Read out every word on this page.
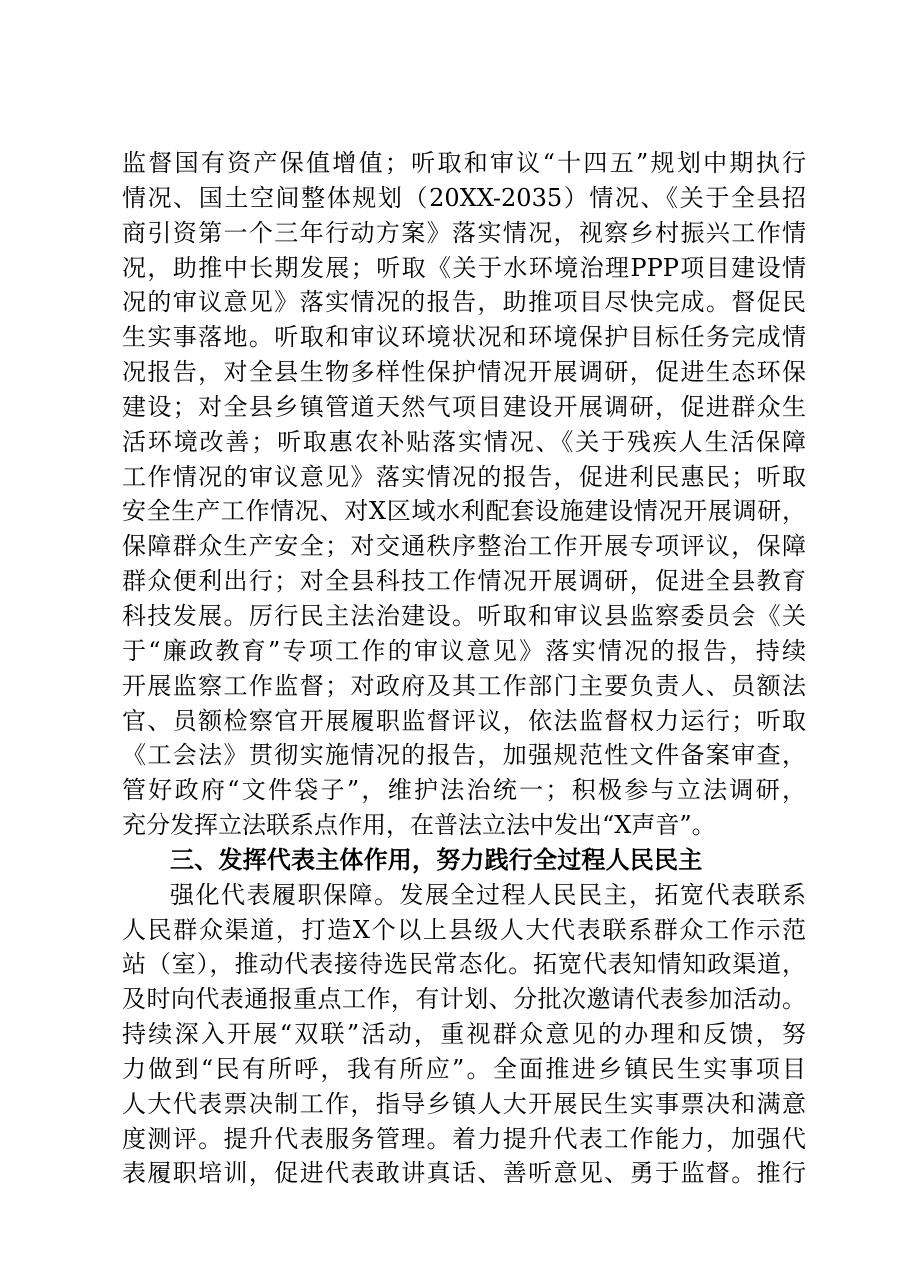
监督国有资产保值增值；听取和审议“十四五”规划中期执行
情况、国土空间整体规划（20XX-2035）情况、《关于全县招
商引资第一个三年行动方案》落实情况，视察乡村振兴工作情
况，助推中长期发展；听取《关于水环境治理PPP项目建设情
况的审议意见》落实情况的报告，助推项目尽快完成。督促民
生实事落地。听取和审议环境状况和环境保护目标任务完成情
况报告，对全县生物多样性保护情况开展调研，促进生态环保
建设；对全县乡镇管道天然气项目建设开展调研，促进群众生
活环境改善；听取惠农补贴落实情况、《关于残疾人生活保障
工作情况的审议意见》落实情况的报告，促进利民惠民；听取
安全生产工作情况、对X区域水利配套设施建设情况开展调研，
保障群众生产安全；对交通秩序整治工作开展专项评议，保障
群众便利出行；对全县科技工作情况开展调研，促进全县教育
科技发展。厉行民主法治建设。听取和审议县监察委员会《关
于“廉政教育”专项工作的审议意见》落实情况的报告，持续
开展监察工作监督；对政府及其工作部门主要负责人、员额法
官、员额检察官开展履职监督评议，依法监督权力运行；听取
《工会法》贯彻实施情况的报告，加强规范性文件备案审查，
管好政府“文件袋子”，维护法治统一；积极参与立法调研，
充分发挥立法联系点作用，在普法立法中发出“X声音”。
三、发挥代表主体作用，努力践行全过程人民民主
强化代表履职保障。发展全过程人民民主，拓宽代表联系
人民群众渠道，打造X个以上县级人大代表联系群众工作示范
站（室），推动代表接待选民常态化。拓宽代表知情知政渠道，
及时向代表通报重点工作，有计划、分批次邀请代表参加活动。
持续深入开展“双联”活动，重视群众意见的办理和反馈，努
力做到“民有所呼，我有所应”。全面推进乡镇民生实事项目
人大代表票决制工作，指导乡镇人大开展民生实事票决和满意
度测评。提升代表服务管理。着力提升代表工作能力，加强代
表履职培训，促进代表敢讲真话、善听意见、勇于监督。推行
